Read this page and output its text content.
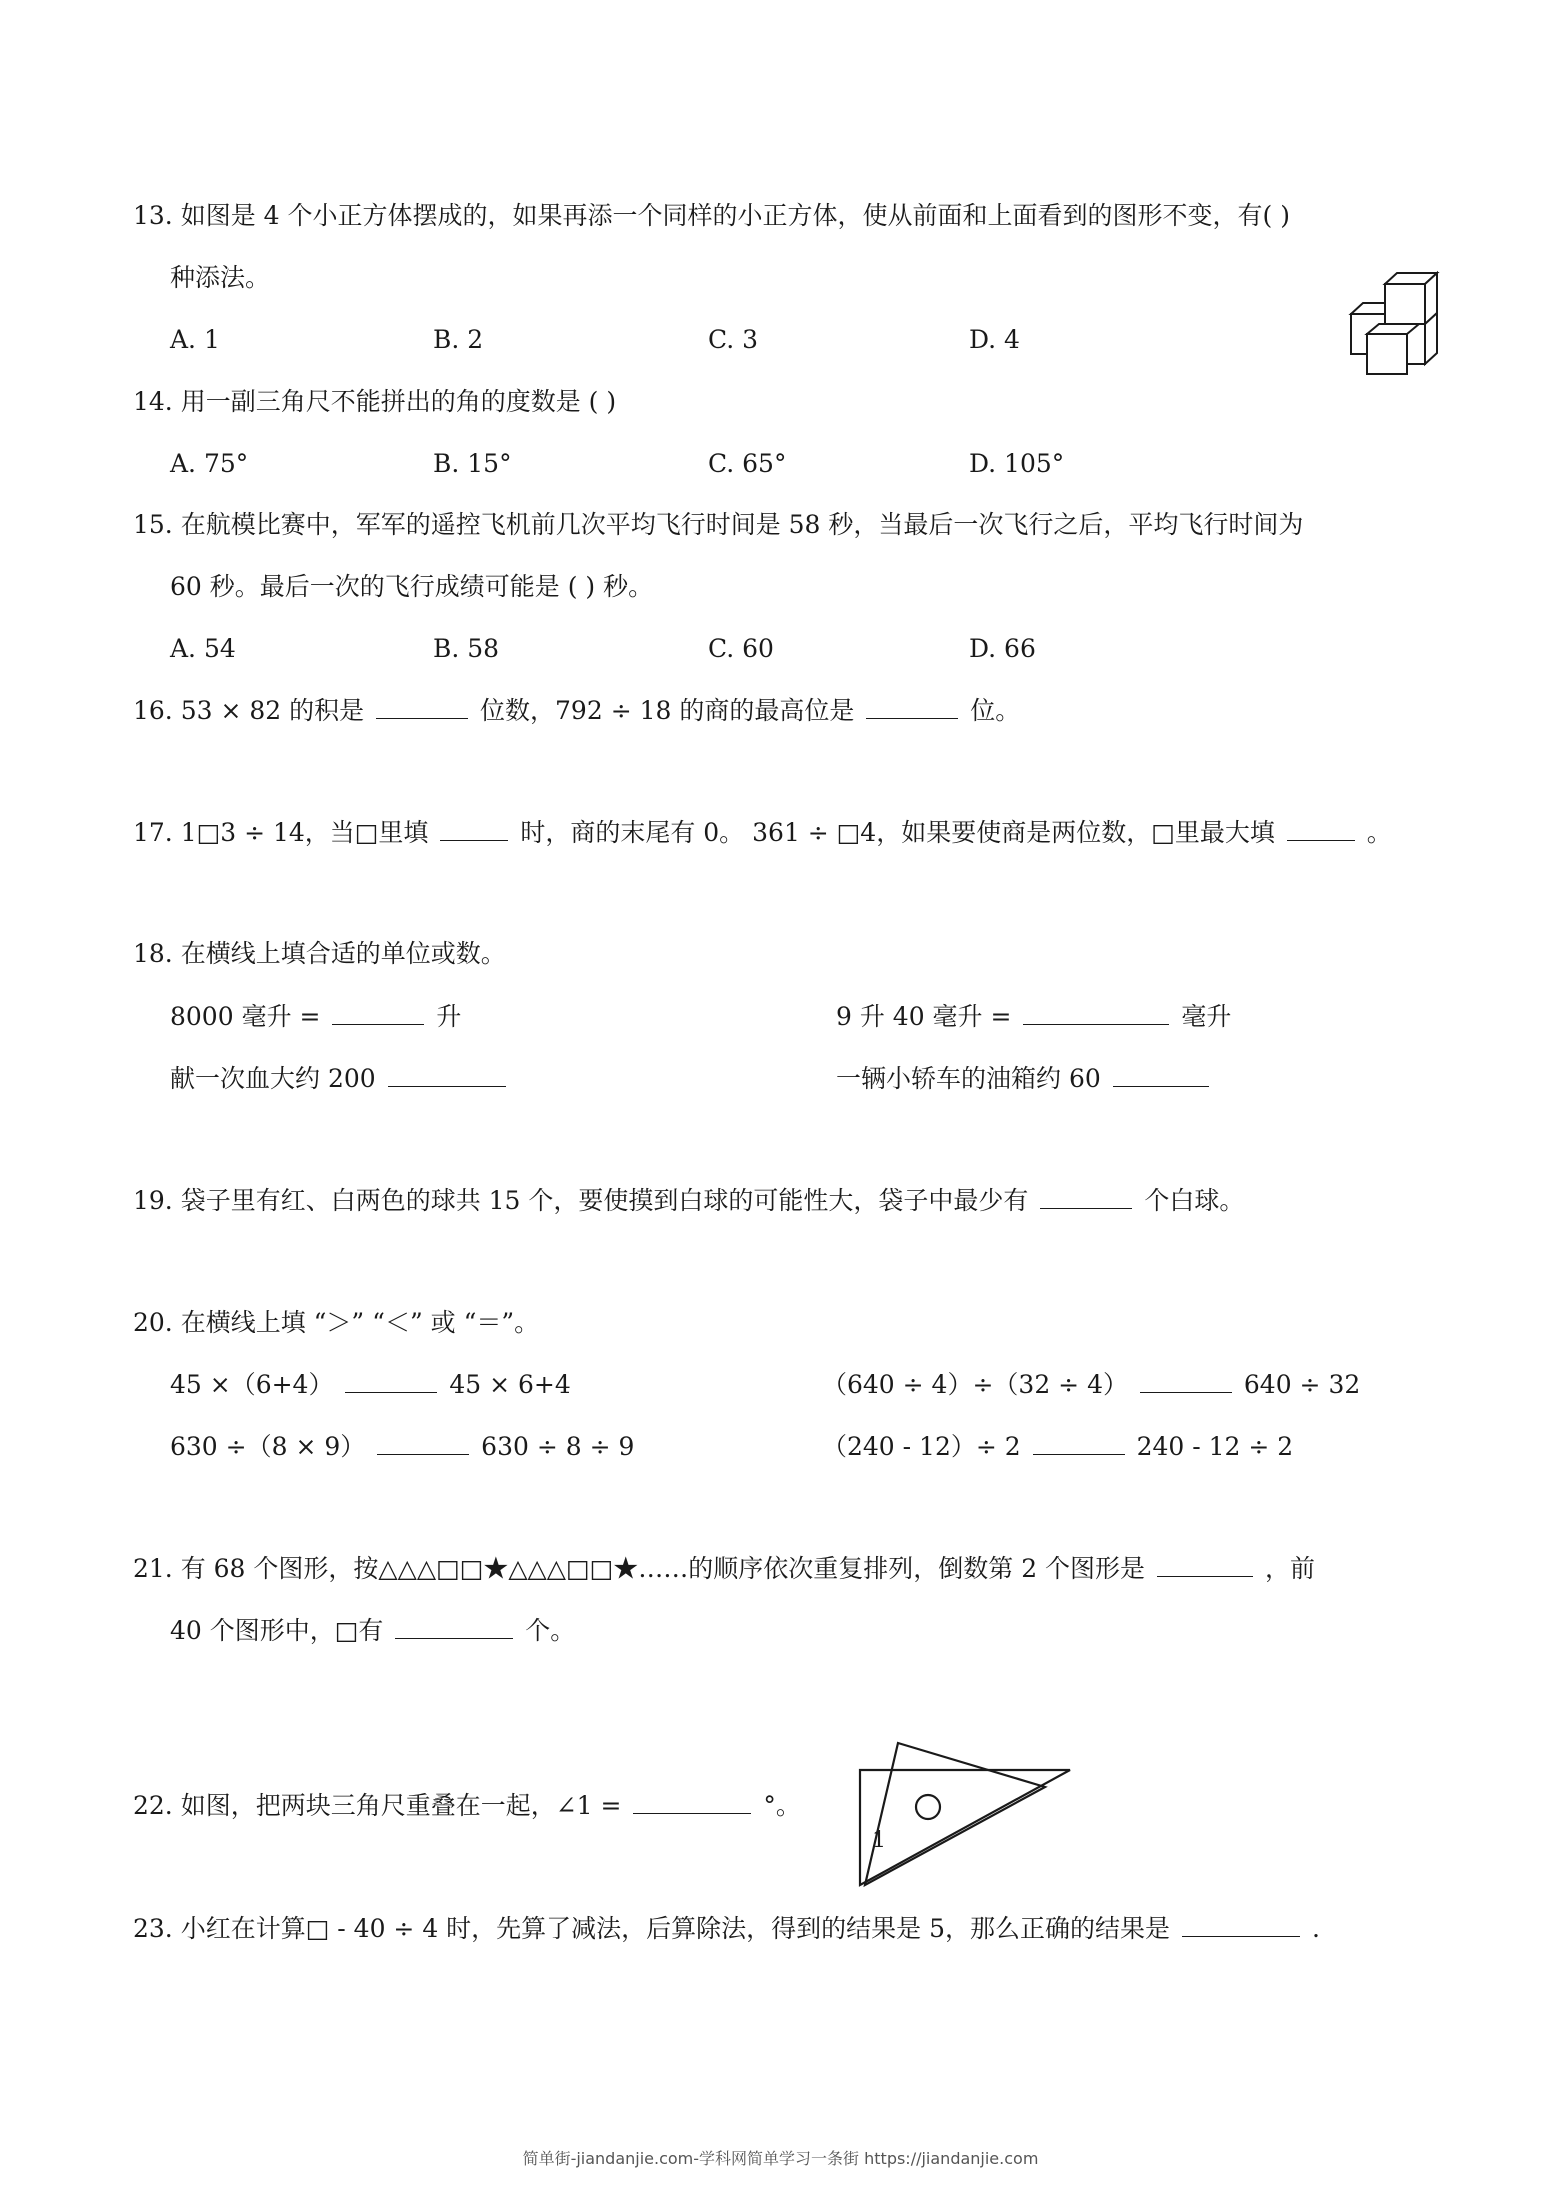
13. 如图是 4 个小正方体摆成的，如果再添一个同样的小正方体，使从前面和上面看到的图形不变，有( )
种添法。
A. 1	B. 2	C. 3	D. 4
14. 用一副三角尺不能拼出的角的度数是 ( )
A. 75°	B. 15°	C. 65°	D. 105°
15. 在航模比赛中，军军的遥控飞机前几次平均飞行时间是 58 秒，当最后一次飞行之后，平均飞行时间为
60 秒。最后一次的飞行成绩可能是 ( ) 秒。
A. 54	B. 58	C. 60	D. 66
16. 53 × 82 的积是	位数，792 ÷ 18 的商的最高位是	位。
17. 1□3 ÷ 14，当□里填	时，商的末尾有 0。 361 ÷ □4，如果要使商是两位数，□里最大填	。
18. 在横线上填合适的单位或数。
8000 毫升 =	升	9 升 40 毫升 =	毫升
献一次血大约 200	一辆小轿车的油箱约 60
19. 袋子里有红、白两色的球共 15 个，要使摸到白球的可能性大，袋子中最少有	个白球。
20. 在横线上填 “＞” “＜” 或 “＝”。
45 ×（6+4）	45 × 6+4	（640 ÷ 4）÷（32 ÷ 4）	640 ÷ 32
630 ÷（8 × 9）	630 ÷ 8 ÷ 9	（240 - 12）÷ 2	240 - 12 ÷ 2
21. 有 68 个图形，按△△△□□★△△△□□★……的顺序依次重复排列，倒数第 2 个图形是	，前
40 个图形中，□有	个。
22. 如图，把两块三角尺重叠在一起，∠1 =	°。
1
23. 小红在计算□ - 40 ÷ 4 时，先算了减法，后算除法，得到的结果是 5，那么正确的结果是	.
简单街-jiandanjie.com-学科网简单学习一条街 https://jiandanjie.com
